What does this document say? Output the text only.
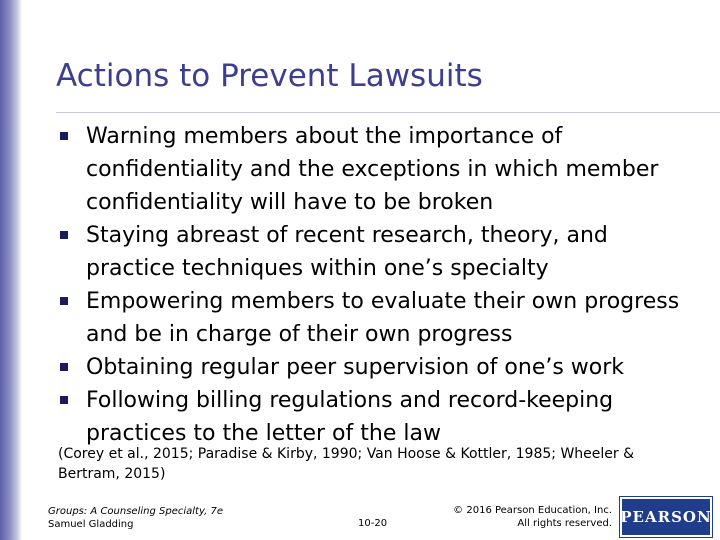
Actions to Prevent Lawsuits
Warning members about the importance of confidentiality and the exceptions in which member confidentiality will have to be broken
Staying abreast of recent research, theory, and practice techniques within one’s specialty
Empowering members to evaluate their own progress and be in charge of their own progress
Obtaining regular peer supervision of one’s work
Following billing regulations and record-keeping practices to the letter of the law
(Corey et al., 2015; Paradise & Kirby, 1990; Van Hoose & Kottler, 1985; Wheeler & Bertram, 2015)
Groups: A Counseling Specialty, 7e
Samuel Gladding	10-20
© 2016 Pearson Education, Inc.
All rights reserved. PEARSON
